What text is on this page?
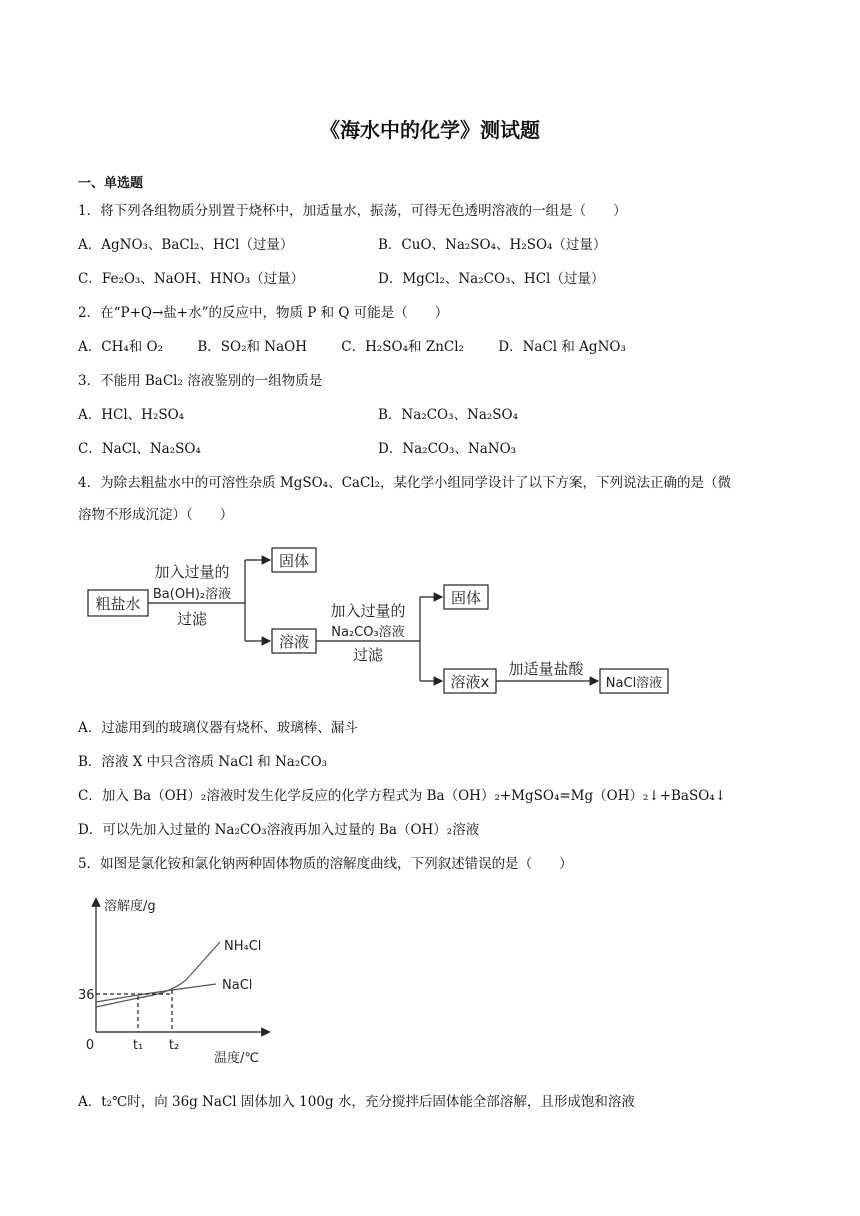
《海水中的化学》测试题
一、单选题
1．将下列各组物质分别置于烧杯中，加适量水，振荡，可得无色透明溶液的一组是（　　）
A．AgNO₃、BaCl₂、HCl（过量）	B．CuO、Na₂SO₄、H₂SO₄（过量）
C．Fe₂O₃、NaOH、HNO₃（过量）	D．MgCl₂、Na₂CO₃、HCl（过量）
2．在“P+Q→盐+水”的反应中，物质 P 和 Q 可能是（　　）
A．CH₄和 O₂	B．SO₂和 NaOH	C．H₂SO₄和 ZnCl₂	D．NaCl 和 AgNO₃
3．不能用 BaCl₂ 溶液鉴别的一组物质是
A．HCl、H₂SO₄	B．Na₂CO₃、Na₂SO₄
C．NaCl、Na₂SO₄	D．Na₂CO₃、NaNO₃
4．为除去粗盐水中的可溶性杂质 MgSO₄、CaCl₂，某化学小组同学设计了以下方案，下列说法正确的是（微
溶物不形成沉淀）（　　）
粗盐水
固体
溶液
固体
溶液x	NaCl溶液
加入过量的
Ba(OH)₂溶液
过滤	加入过量的
Na₂CO₃溶液
过滤
加适量盐酸
A．过滤用到的玻璃仪器有烧杯、玻璃棒、漏斗
B．溶液 X 中只含溶质 NaCl 和 Na₂CO₃
C．加入 Ba（OH）₂溶液时发生化学反应的化学方程式为 Ba（OH）₂+MgSO₄=Mg（OH）₂↓+BaSO₄↓
D．可以先加入过量的 Na₂CO₃溶液再加入过量的 Ba（OH）₂溶液
5．如图是氯化铵和氯化钠两种固体物质的溶解度曲线，下列叙述错误的是（　　）
溶解度/g
温度/℃
0
36
t₁ t₂
NH₄Cl
NaCl
A．t₂℃时，向 36g NaCl 固体加入 100g 水，充分搅拌后固体能全部溶解，且形成饱和溶液
